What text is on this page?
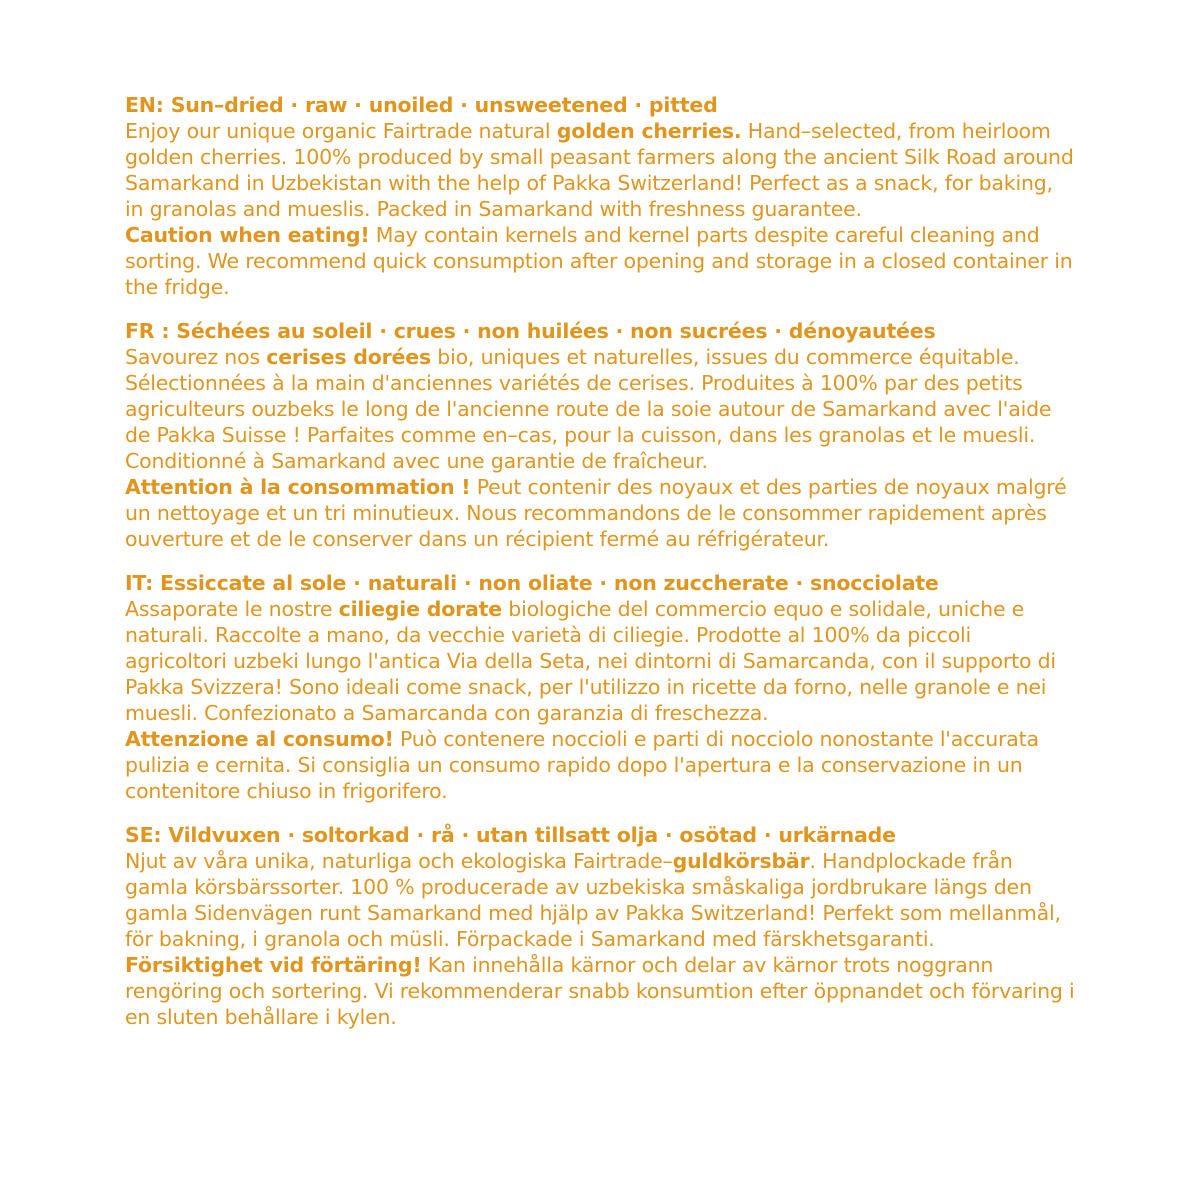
EN: Sun–dried · raw · unoiled · unsweetened · pitted

Enjoy our unique organic Fairtrade natural golden cherries. Hand–selected, from heirloom golden cherries. 100% produced by small peasant farmers along the ancient Silk Road around Samarkand in Uzbekistan with the help of Pakka Switzerland! Perfect as a snack, for baking, in granolas and mueslis. Packed in Samarkand with freshness guarantee.

Caution when eating! May contain kernels and kernel parts despite careful cleaning and sorting. We recommend quick consumption after opening and storage in a closed container in the fridge.

FR : Séchées au soleil · crues · non huilées · non sucrées · dénoyautées

Savourez nos cerises dorées bio, uniques et naturelles, issues du commerce équitable. Sélectionnées à la main d'anciennes variétés de cerises. Produites à 100% par des petits agriculteurs ouzbeks le long de l'ancienne route de la soie autour de Samarkand avec l'aide de Pakka Suisse ! Parfaites comme en–cas, pour la cuisson, dans les granolas et le muesli. Conditionné à Samarkand avec une garantie de fraîcheur.

Attention à la consommation ! Peut contenir des noyaux et des parties de noyaux malgré un nettoyage et un tri minutieux. Nous recommandons de le consommer rapidement après ouverture et de le conserver dans un récipient fermé au réfrigérateur.

IT: Essiccate al sole · naturali · non oliate · non zuccherate · snocciolate

Assaporate le nostre ciliegie dorate biologiche del commercio equo e solidale, uniche e naturali. Raccolte a mano, da vecchie varietà di ciliegie. Prodotte al 100% da piccoli agricoltori uzbeki lungo l'antica Via della Seta, nei dintorni di Samarcanda, con il supporto di Pakka Svizzera! Sono ideali come snack, per l'utilizzo in ricette da forno, nelle granole e nei muesli. Confezionato a Samarcanda con garanzia di freschezza.

Attenzione al consumo! Può contenere noccioli e parti di nocciolo nonostante l'accurata pulizia e cernita. Si consiglia un consumo rapido dopo l'apertura e la conservazione in un contenitore chiuso in frigorifero.

SE: Vildvuxen · soltorkad · rå · utan tillsatt olja · osötad · urkärnade

Njut av våra unika, naturliga och ekologiska Fairtrade–guldkörsbär. Handplockade från gamla körsbärssorter. 100 % producerade av uzbekiska småskaliga jordbrukare längs den gamla Sidenvägen runt Samarkand med hjälp av Pakka Switzerland! Perfekt som mellanmål, för bakning, i granola och müsli. Förpackade i Samarkand med färskhetsgaranti.

Försiktighet vid förtäring! Kan innehålla kärnor och delar av kärnor trots noggrann rengöring och sortering. Vi rekommenderar snabb konsumtion efter öppnandet och förvaring i en sluten behållare i kylen.
